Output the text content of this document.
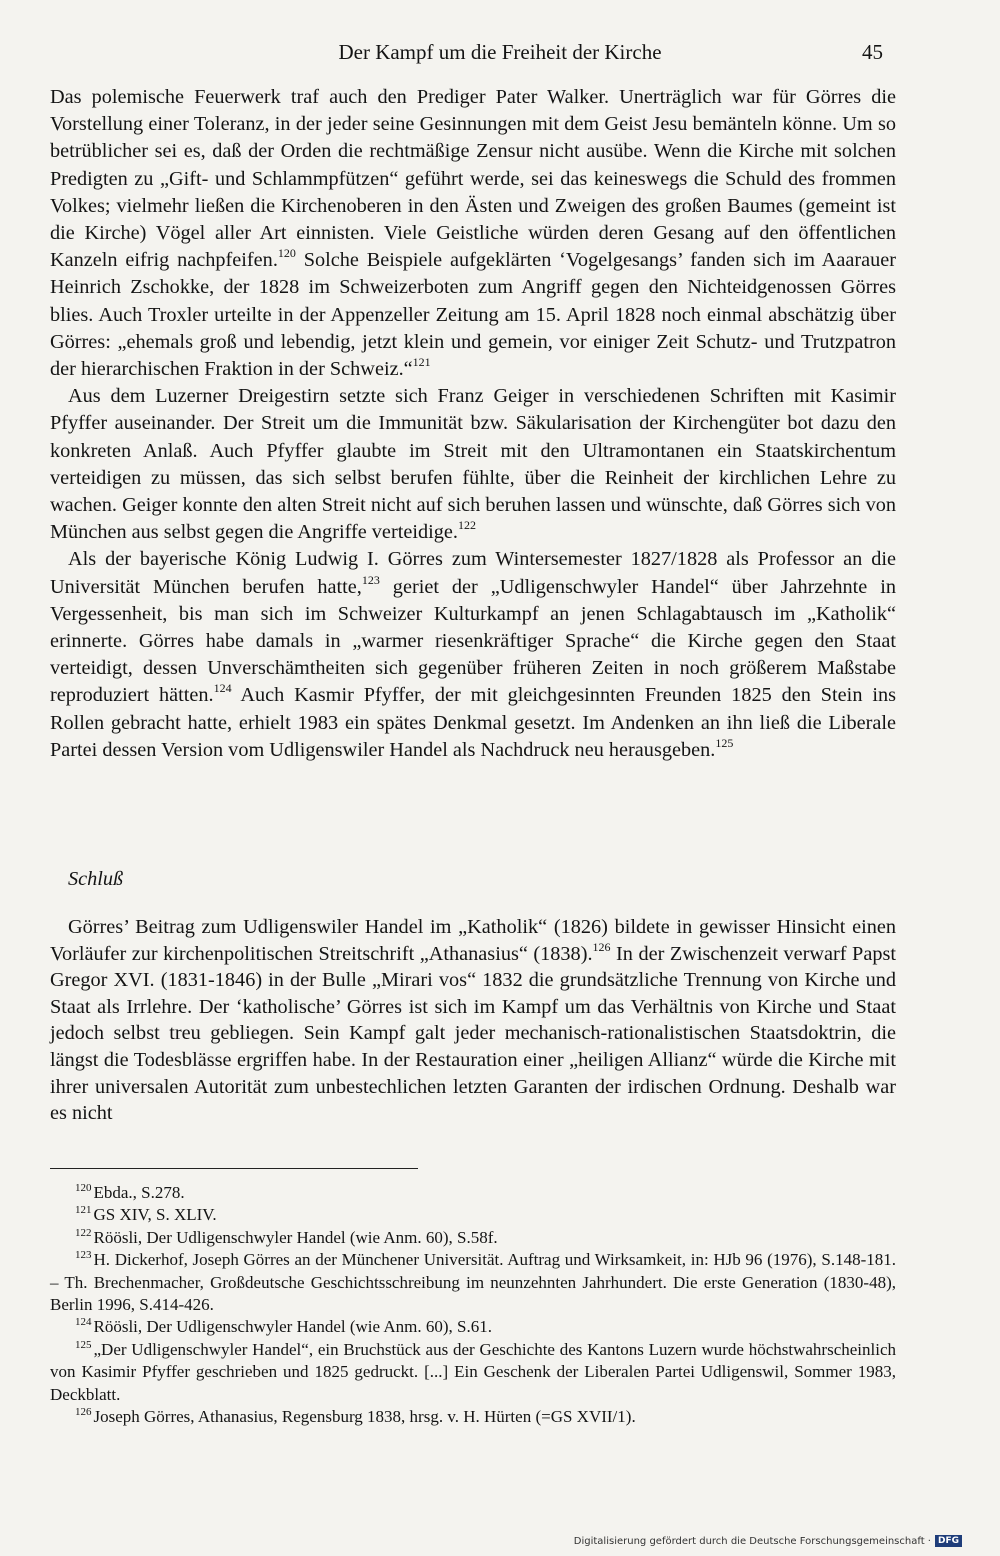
Der Kampf um die Freiheit der Kirche	45

Das polemische Feuerwerk traf auch den Prediger Pater Walker. Unerträglich war für Görres die Vorstellung einer Toleranz, in der jeder seine Gesinnungen mit dem Geist Jesu bemänteln könne. Um so betrüblicher sei es, daß der Orden die rechtmäßige Zensur nicht ausübe. Wenn die Kirche mit solchen Predigten zu „Gift- und Schlammpfützen“ geführt werde, sei das keineswegs die Schuld des frommen Volkes; vielmehr ließen die Kirchenoberen in den Ästen und Zweigen des großen Baumes (gemeint ist die Kirche) Vögel aller Art einnisten. Viele Geistliche würden deren Gesang auf den öffentlichen Kanzeln eifrig nachpfeifen.$^{120}$ Solche Beispiele aufgeklärten ‘Vogelgesangs’ fanden sich im Aaarauer Heinrich Zschokke, der 1828 im Schweizerboten zum Angriff gegen den Nichteidgenossen Görres blies. Auch Troxler urteilte in der Appenzeller Zeitung am 15. April 1828 noch einmal abschätzig über Görres: „ehemals groß und lebendig, jetzt klein und gemein, vor einiger Zeit Schutz- und Trutzpatron der hierarchischen Fraktion in der Schweiz.“$^{121}$

Aus dem Luzerner Dreigestirn setzte sich Franz Geiger in verschiedenen Schriften mit Kasimir Pfyffer auseinander. Der Streit um die Immunität bzw. Säkularisation der Kirchengüter bot dazu den konkreten Anlaß. Auch Pfyffer glaubte im Streit mit den Ultramontanen ein Staatskirchentum verteidigen zu müssen, das sich selbst berufen fühlte, über die Reinheit der kirchlichen Lehre zu wachen. Geiger konnte den alten Streit nicht auf sich beruhen lassen und wünschte, daß Görres sich von München aus selbst gegen die Angriffe verteidige.$^{122}$

Als der bayerische König Ludwig I. Görres zum Wintersemester 1827/1828 als Professor an die Universität München berufen hatte,$^{123}$ geriet der „Udligenschwyler Handel“ über Jahrzehnte in Vergessenheit, bis man sich im Schweizer Kulturkampf an jenen Schlagabtausch im „Katholik“ erinnerte. Görres habe damals in „warmer riesenkräftiger Sprache“ die Kirche gegen den Staat verteidigt, dessen Unverschämtheiten sich gegenüber früheren Zeiten in noch größerem Maßstabe reproduziert hätten.$^{124}$ Auch Kasmir Pfyffer, der mit gleichgesinnten Freunden 1825 den Stein ins Rollen gebracht hatte, erhielt 1983 ein spätes Denkmal gesetzt. Im Andenken an ihn ließ die Liberale Partei dessen Version vom Udligenswiler Handel als Nachdruck neu herausgeben.$^{125}$

Schluß

Görres’ Beitrag zum Udligenswiler Handel im „Katholik“ (1826) bildete in gewisser Hinsicht einen Vorläufer zur kirchenpolitischen Streitschrift „Athanasius“ (1838).$^{126}$ In der Zwischenzeit verwarf Papst Gregor XVI. (1831-1846) in der Bulle „Mirari vos“ 1832 die grundsätzliche Trennung von Kirche und Staat als Irrlehre. Der ‘katholische’ Görres ist sich im Kampf um das Verhältnis von Kirche und Staat jedoch selbst treu gebliegen. Sein Kampf galt jeder mechanisch-rationalistischen Staatsdoktrin, die längst die Todesblässe ergriffen habe. In der Restauration einer „heiligen Allianz“ würde die Kirche mit ihrer universalen Autorität zum unbestechlichen letzten Garanten der irdischen Ordnung. Deshalb war es nicht

$^{120}$ Ebda., S.278.

$^{121}$ GS XIV, S. XLIV.

$^{122}$ Röösli, Der Udligenschwyler Handel (wie Anm. 60), S.58f.

$^{123}$ H. Dickerhof, Joseph Görres an der Münchener Universität. Auftrag und Wirksamkeit, in: HJb 96 (1976), S.148-181. – Th. Brechenmacher, Großdeutsche Geschichtsschreibung im neunzehnten Jahrhundert. Die erste Generation (1830-48), Berlin 1996, S.414-426.

$^{124}$ Röösli, Der Udligenschwyler Handel (wie Anm. 60), S.61.

$^{125}$ „Der Udligenschwyler Handel“, ein Bruchstück aus der Geschichte des Kantons Luzern wurde höchstwahrscheinlich von Kasimir Pfyffer geschrieben und 1825 gedruckt. [...] Ein Geschenk der Liberalen Partei Udligenswil, Sommer 1983, Deckblatt.

$^{126}$ Joseph Görres, Athanasius, Regensburg 1838, hrsg. v. H. Hürten (=GS XVII/1).

Digitalisierung gefördert durch die Deutsche Forschungsgemeinschaft · DFG
